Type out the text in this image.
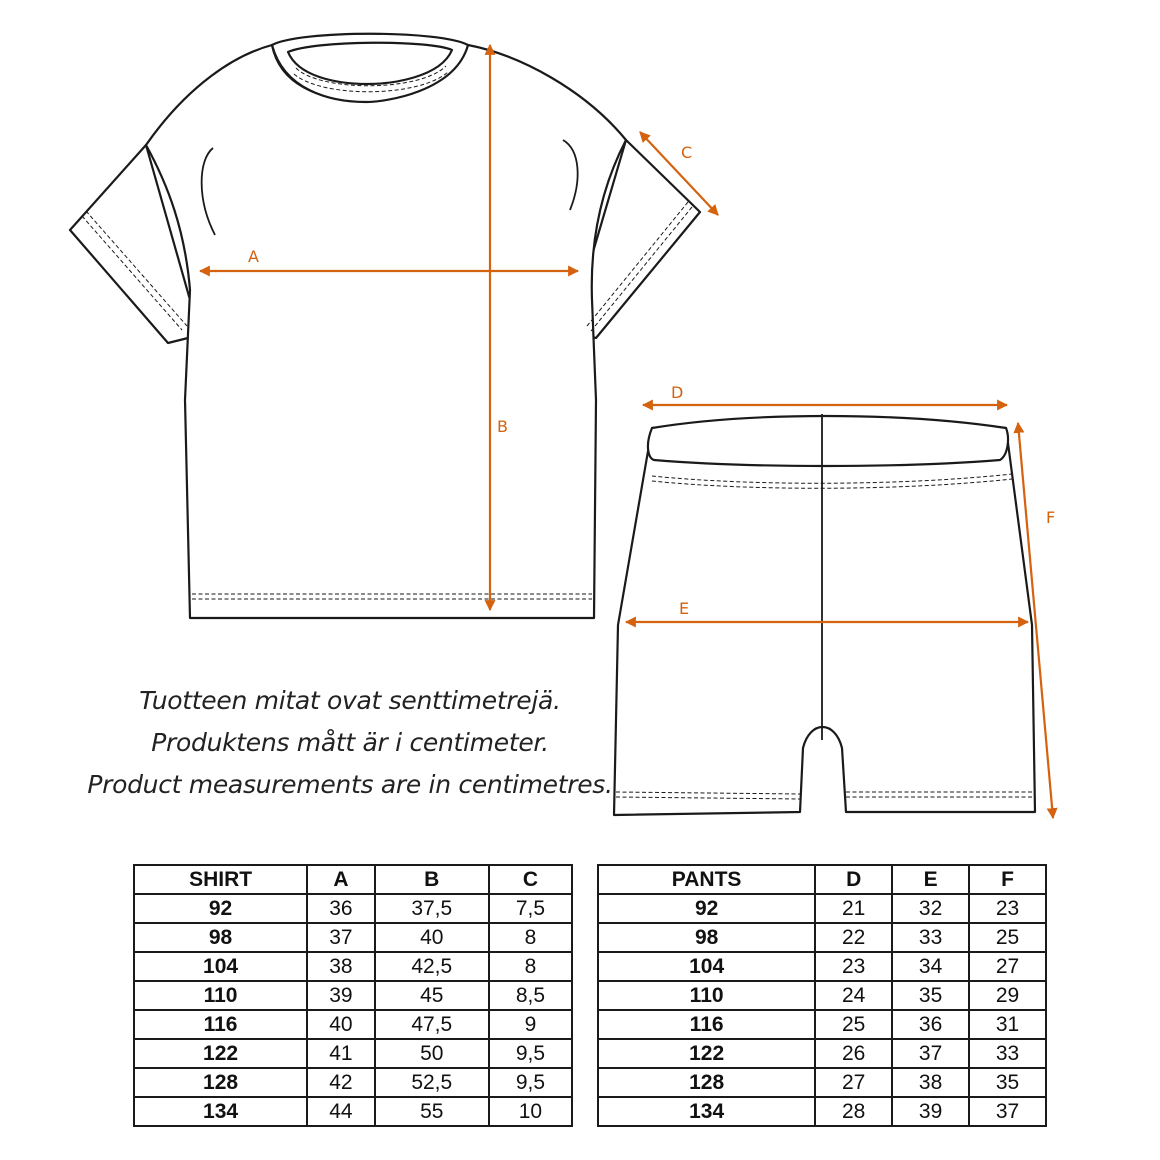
A
B
C
D
E
F
Tuotteen mitat ovat senttimetrejä.
Produktens mått är i centimeter.
Product measurements are in centimetres.
SHIRT	A	B	C
92	36	37,5	7,5
98	37	40	8
104	38	42,5	8
110	39	45	8,5
116	40	47,5	9
122	41	50	9,5
128	42	52,5	9,5
134	44	55	10
PANTS	D	E	F
92	21	32	23
98	22	33	25
104	23	34	27
110	24	35	29
116	25	36	31
122	26	37	33
128	27	38	35
134	28	39	37
